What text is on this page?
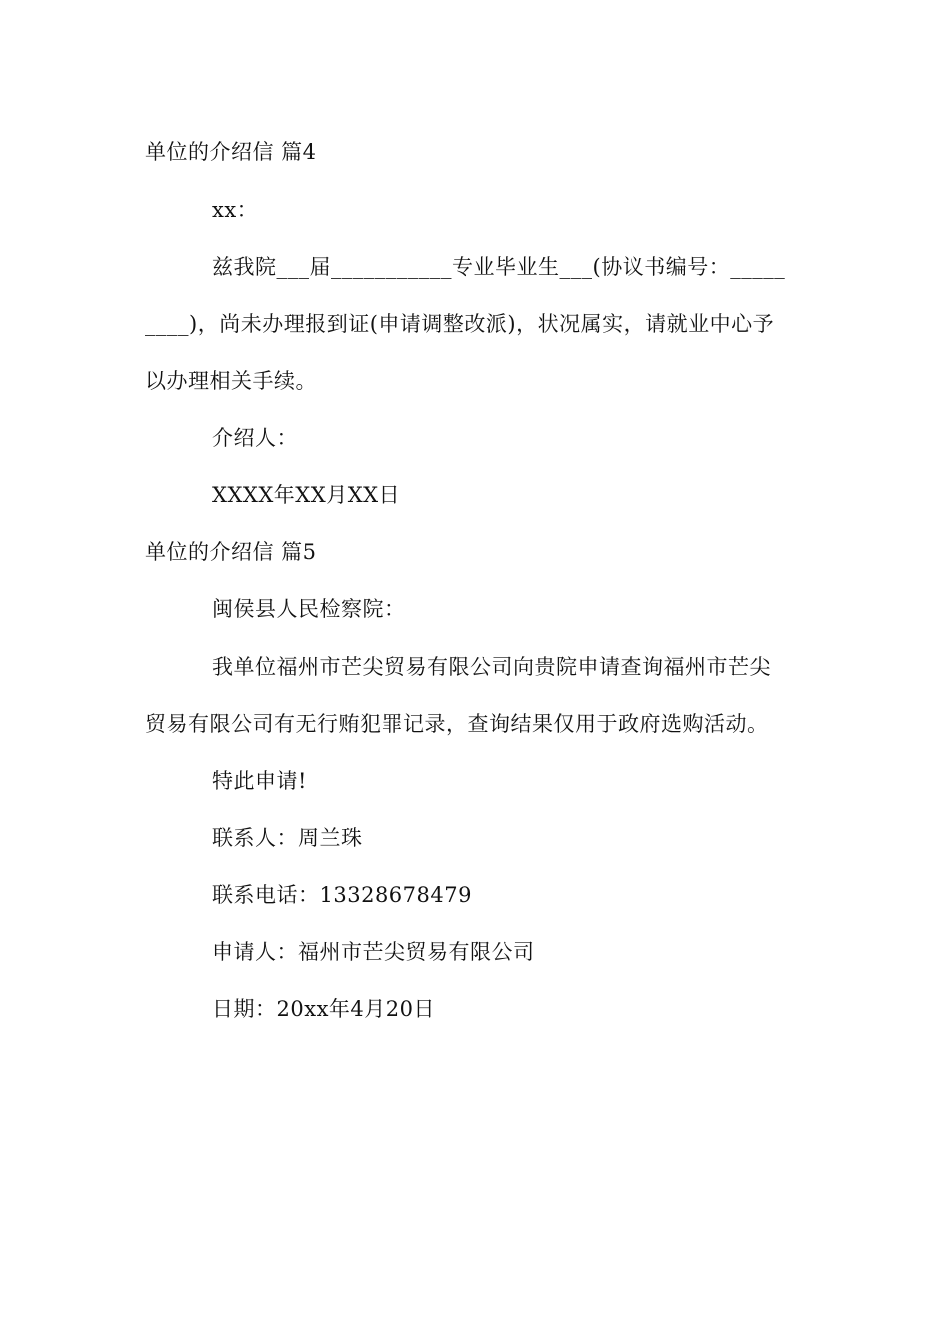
单位的介绍信 篇4
xx：
兹我院___届___________专业毕业生___(协议书编号：_____
____)，尚未办理报到证(申请调整改派)，状况属实，请就业中心予
以办理相关手续。
介绍人：
XXXX年XX月XX日
单位的介绍信 篇5
闽侯县人民检察院：
我单位福州市芒尖贸易有限公司向贵院申请查询福州市芒尖
贸易有限公司有无行贿犯罪记录，查询结果仅用于政府选购活动。
特此申请!
联系人：周兰珠
联系电话：13328678479
申请人：福州市芒尖贸易有限公司
日期：20xx年4月20日
